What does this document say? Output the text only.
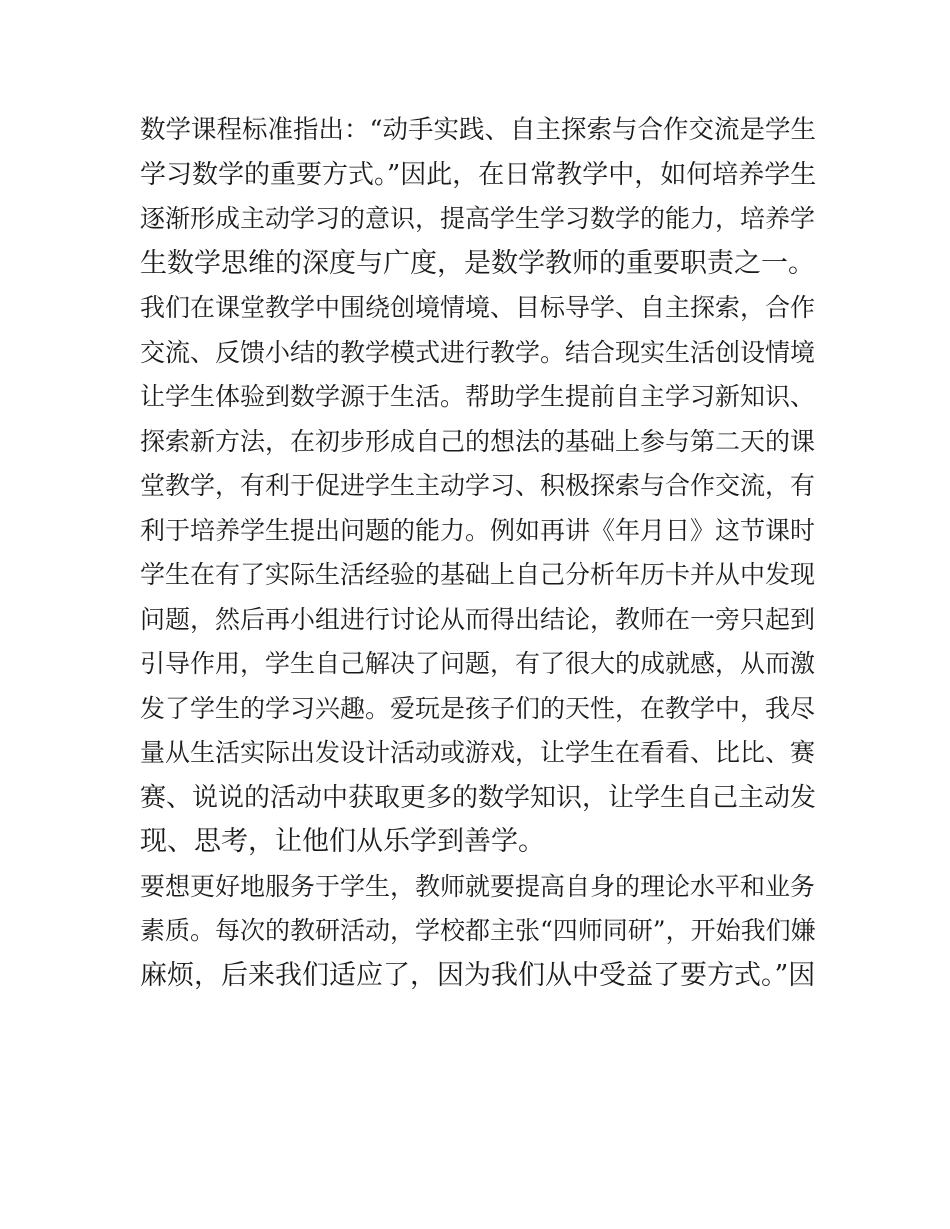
数学课程标准指出：“动手实践、自主探索与合作交流是学生
学习数学的重要方式。”因此，在日常教学中，如何培养学生
逐渐形成主动学习的意识，提高学生学习数学的能力，培养学
生数学思维的深度与广度，是数学教师的重要职责之一。
我们在课堂教学中围绕创境情境、目标导学、自主探索，合作
交流、反馈小结的教学模式进行教学。结合现实生活创设情境
让学生体验到数学源于生活。帮助学生提前自主学习新知识、
探索新方法，在初步形成自己的想法的基础上参与第二天的课
堂教学，有利于促进学生主动学习、积极探索与合作交流，有
利于培养学生提出问题的能力。例如再讲《年月日》这节课时
学生在有了实际生活经验的基础上自己分析年历卡并从中发现
问题，然后再小组进行讨论从而得出结论，教师在一旁只起到
引导作用，学生自己解决了问题，有了很大的成就感，从而激
发了学生的学习兴趣。爱玩是孩子们的天性，在教学中，我尽
量从生活实际出发设计活动或游戏，让学生在看看、比比、赛
赛、说说的活动中获取更多的数学知识，让学生自己主动发
现、思考，让他们从乐学到善学。
要想更好地服务于学生，教师就要提高自身的理论水平和业务
素质。每次的教研活动，学校都主张“四师同研”，开始我们嫌
麻烦，后来我们适应了，因为我们从中受益了要方式。”因
